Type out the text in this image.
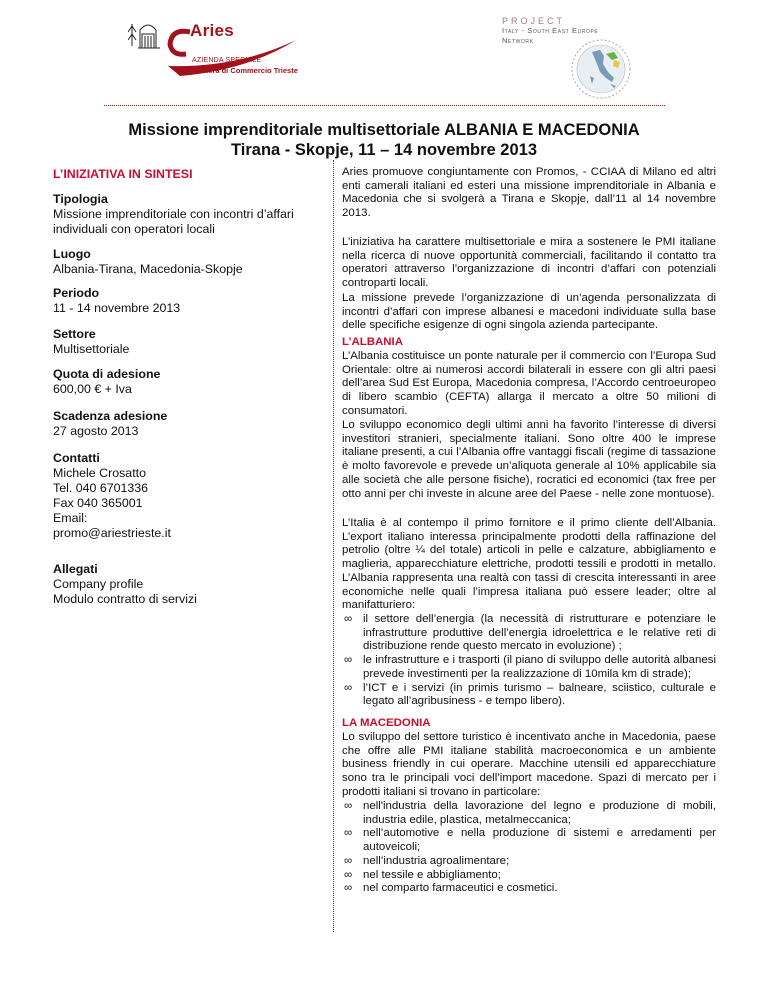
Aries
AZIENDA SPECIALE
Camera di Commercio Trieste
PROJECT
Italy - South East Europe
Network
Missione imprenditoriale multisettoriale ALBANIA E MACEDONIA
Tirana - Skopje, 11 – 14 novembre 2013
L’INIZIATIVA IN SINTESI
Tipologia
Missione imprenditoriale con incontri d’affari individuali con operatori locali
Luogo
Albania-Tirana, Macedonia-Skopje
Periodo
11 - 14 novembre 2013
Settore
Multisettoriale
Quota di adesione
600,00 € + Iva
Scadenza adesione
27 agosto 2013
Contatti
Michele Crosatto
Tel. 040 6701336
Fax 040 365001
Email:
promo@ariestrieste.it
Allegati
Company profile
Modulo contratto di servizi
Aries promuove congiuntamente con Promos, - CCIAA di Milano ed altri enti camerali italiani ed esteri una missione imprenditoriale in Albania e Macedonia che si svolgerà a Tirana e Skopje, dall’11 al 14 novembre 2013.
L’iniziativa ha carattere multisettoriale e mira a sostenere le PMI italiane nella ricerca di nuove opportunità commerciali, facilitando il contatto tra operatori attraverso l’organizzazione di incontri d’affari con potenziali controparti locali.
La missione prevede l’organizzazione di un’agenda personalizzata di incontri d’affari con imprese albanesi e macedoni individuate sulla base delle specifiche esigenze di ogni singola azienda partecipante.
L’ALBANIA
L’Albania costituisce un ponte naturale per il commercio con l’Europa Sud Orientale: oltre ai numerosi accordi bilaterali in essere con gli altri paesi dell’area Sud Est Europa, Macedonia compresa, l’Accordo centroeuropeo di libero scambio (CEFTA) allarga il mercato a oltre 50 milioni di consumatori.
Lo sviluppo economico degli ultimi anni ha favorito l’interesse di diversi investitori stranieri, specialmente italiani. Sono oltre 400 le imprese italiane presenti, a cui l’Albania offre vantaggi fiscali (regime di tassazione è molto favorevole e prevede un’aliquota generale al 10% applicabile sia alle società che alle persone fisiche), rocratici ed economici (tax free per otto anni per chi investe in alcune aree del Paese - nelle zone montuose).
L’Italia è al contempo il primo fornitore e il primo cliente dell’Albania. L’export italiano interessa principalmente prodotti della raffinazione del petrolio (oltre ¼ del totale) articoli in pelle e calzature, abbigliamento e maglieria, apparecchiature elettriche, prodotti tessili e prodotti in metallo. L’Albania rappresenta una realtà con tassi di crescita interessanti in aree economiche nelle quali l’impresa italiana può essere leader; oltre al manifatturiero:
∞ il settore dell’energia (la necessità di ristrutturare e potenziare le infrastrutture produttive dell’energia idroelettrica e le relative reti di distribuzione rende questo mercato in evoluzione) ;
∞ le infrastrutture e i trasporti (il piano di sviluppo delle autorità albanesi prevede investimenti per la realizzazione di 10mila km di strade);
∞ l’ICT e i servizi (in primis turismo – balneare, sciistico, culturale e legato all’agribusiness - e tempo libero).
LA MACEDONIA
Lo sviluppo del settore turistico è incentivato anche in Macedonia, paese che offre alle PMI italiane stabilità macroeconomica e un ambiente business friendly in cui operare. Macchine utensili ed apparecchiature sono tra le principali voci dell’import macedone. Spazi di mercato per i prodotti italiani si trovano in particolare:
∞ nell'industria della lavorazione del legno e produzione di mobili, industria edile, plastica, metalmeccanica;
∞ nell’automotive e nella produzione di sistemi e arredamenti per autoveicoli;
∞ nell’industria agroalimentare;
∞ nel tessile e abbigliamento;
∞ nel comparto farmaceutici e cosmetici.
